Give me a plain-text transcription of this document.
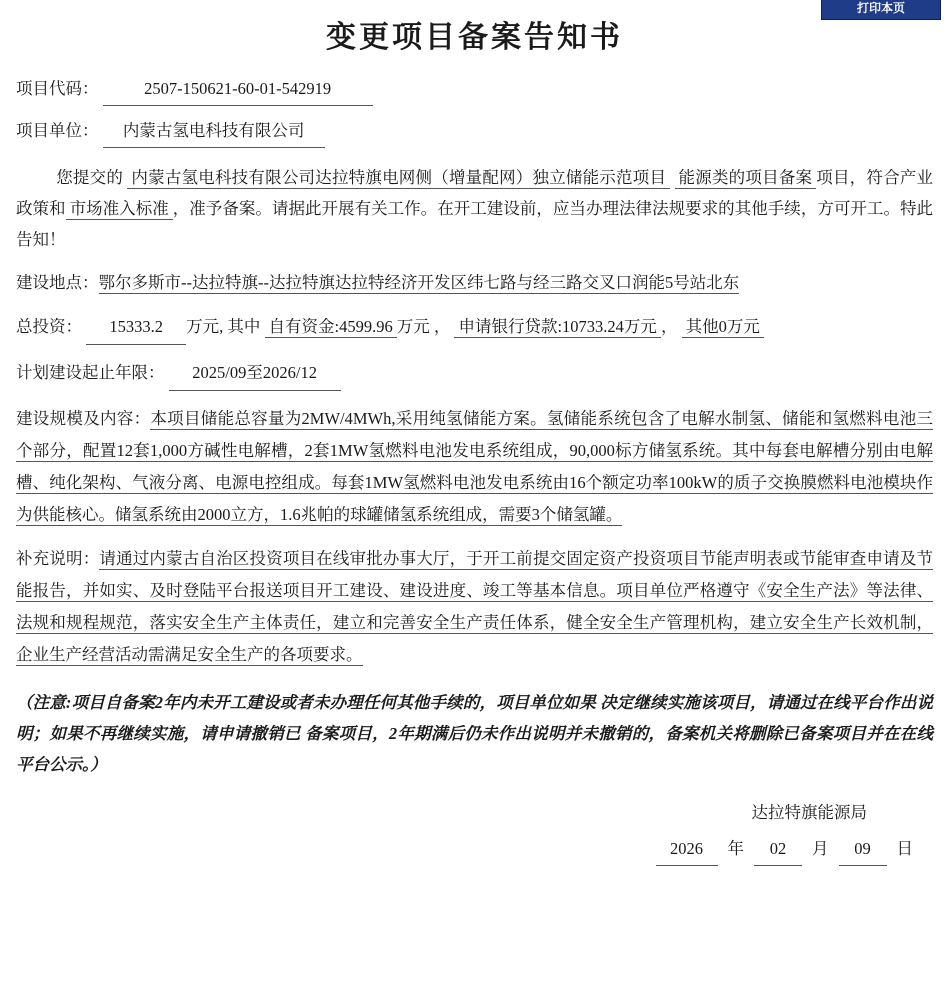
打印本页
变更项目备案告知书
项目代码：	2507-150621-60-01-542919
项目单位： 内蒙古氢电科技有限公司
您提交的 内蒙古氢电科技有限公司达拉特旗电网侧（增量配网）独立储能示范项目 能源类的项目备案 项目，符合产业政策和 市场准入标准 ，准予备案。请据此开展有关工作。在开工建设前，应当办理法律法规要求的其他手续，方可开工。特此告知！
建设地点：鄂尔多斯市--达拉特旗--达拉特旗达拉特经济开发区纬七路与经三路交叉口润能5号站北东
总投资： 15333.2 万元, 其中 自有资金:4599.96 万元 ， 申请银行贷款:10733.24万元 ， 其他0万元
计划建设起止年限： 2025/09至2026/12
建设规模及内容：本项目储能总容量为2MW/4MWh,采用纯氢储能方案。氢储能系统包含了电解水制氢、储能和氢燃料电池三个部分，配置12套1,000方碱性电解槽，2套1MW氢燃料电池发电系统组成，90,000标方储氢系统。其中每套电解槽分别由电解槽、纯化架构、气液分离、电源电控组成。每套1MW氢燃料电池发电系统由16个额定功率100kW的质子交换膜燃料电池模块作为供能核心。储氢系统由2000立方，1.6兆帕的球罐储氢系统组成，需要3个储氢罐。
补充说明：请通过内蒙古自治区投资项目在线审批办事大厅，于开工前提交固定资产投资项目节能声明表或节能审查申请及节能报告，并如实、及时登陆平台报送项目开工建设、建设进度、竣工等基本信息。项目单位严格遵守《安全生产法》等法律、法规和规程规范，落实安全生产主体责任，建立和完善安全生产责任体系，健全安全生产管理机构，建立安全生产长效机制，企业生产经营活动需满足安全生产的各项要求。
（注意:项目自备案2年内未开工建设或者未办理任何其他手续的，项目单位如果 决定继续实施该项目，请通过在线平台作出说明；如果不再继续实施，请申请撤销已 备案项目，2年期满后仍未作出说明并未撤销的，备案机关将删除已备案项目并在在线平台公示。）
达拉特旗能源局
2026 年 02 月 09 日
